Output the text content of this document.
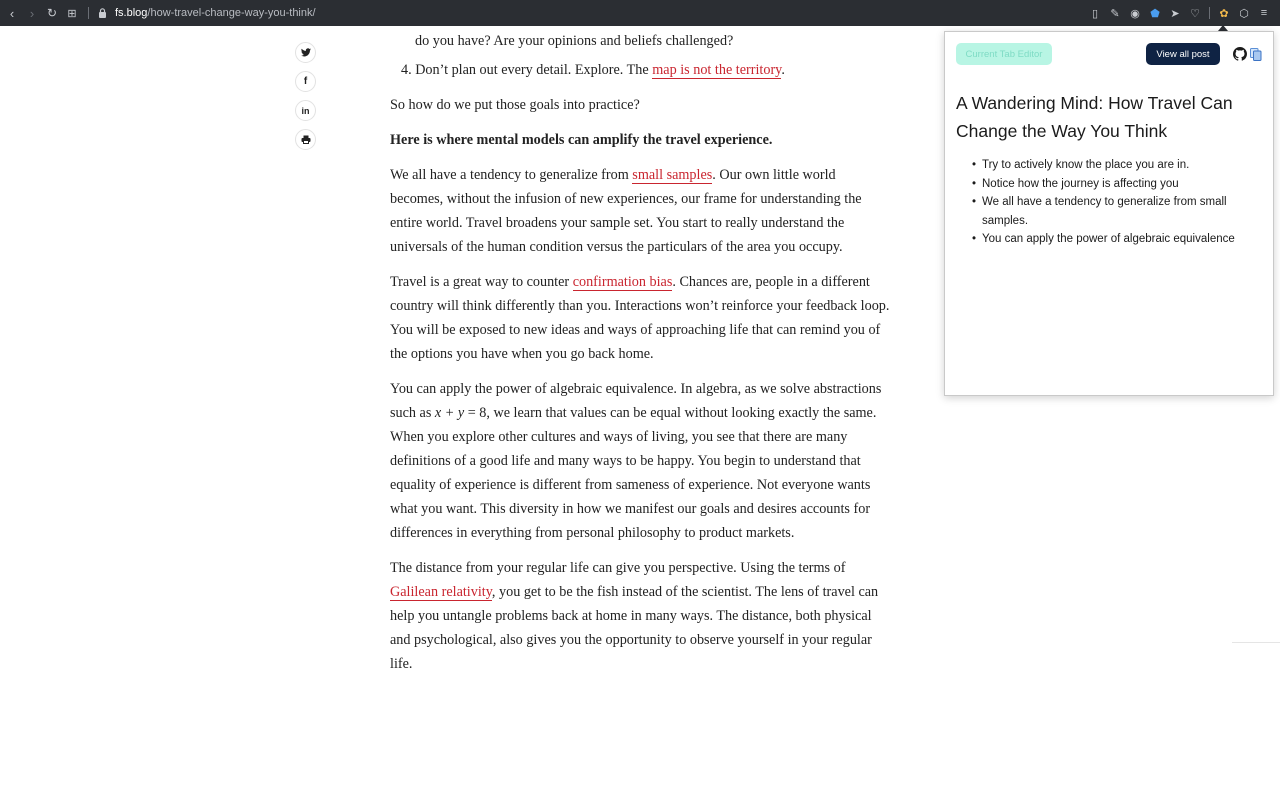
‹	›	↻ ⊞	fs.blog/how-travel-change-way-you-think/	▯	✎ ◉ ⬟ ➤ ♡	✿ ⬡	≡
f
in
do you have? Are your opinions and beliefs challenged?
4. Don’t plan out every detail. Explore. The map is not the territory.

So how do we put those goals into practice?

Here is where mental models can amplify the travel experience.

We all have a tendency to generalize from small samples. Our own little world becomes, without the infusion of new experiences, our frame for understanding the entire world. Travel broadens your sample set. You start to really understand the universals of the human condition versus the particulars of the area you occupy.

Travel is a great way to counter confirmation bias. Chances are, people in a different country will think differently than you. Interactions won’t reinforce your feedback loop. You will be exposed to new ideas and ways of approaching life that can remind you of the options you have when you go back home.

You can apply the power of algebraic equivalence. In algebra, as we solve abstractions such as x + y = 8, we learn that values can be equal without looking exactly the same. When you explore other cultures and ways of living, you see that there are many definitions of a good life and many ways to be happy. You begin to understand that equality of experience is different from sameness of experience. Not everyone wants what you want. This diversity in how we manifest our goals and desires accounts for differences in everything from personal philosophy to product markets.

The distance from your regular life can give you perspective. Using the terms of Galilean relativity, you get to be the fish instead of the scientist. The lens of travel can help you untangle problems back at home in many ways. The distance, both physical and psychological, also gives you the opportunity to observe yourself in your regular life.

Current Tab Editor	View all post
A Wandering Mind: How Travel Can Change the Way You Think
• Try to actively know the place you are in.
• Notice how the journey is affecting you
• We all have a tendency to generalize from small samples.
• You can apply the power of algebraic equivalence
